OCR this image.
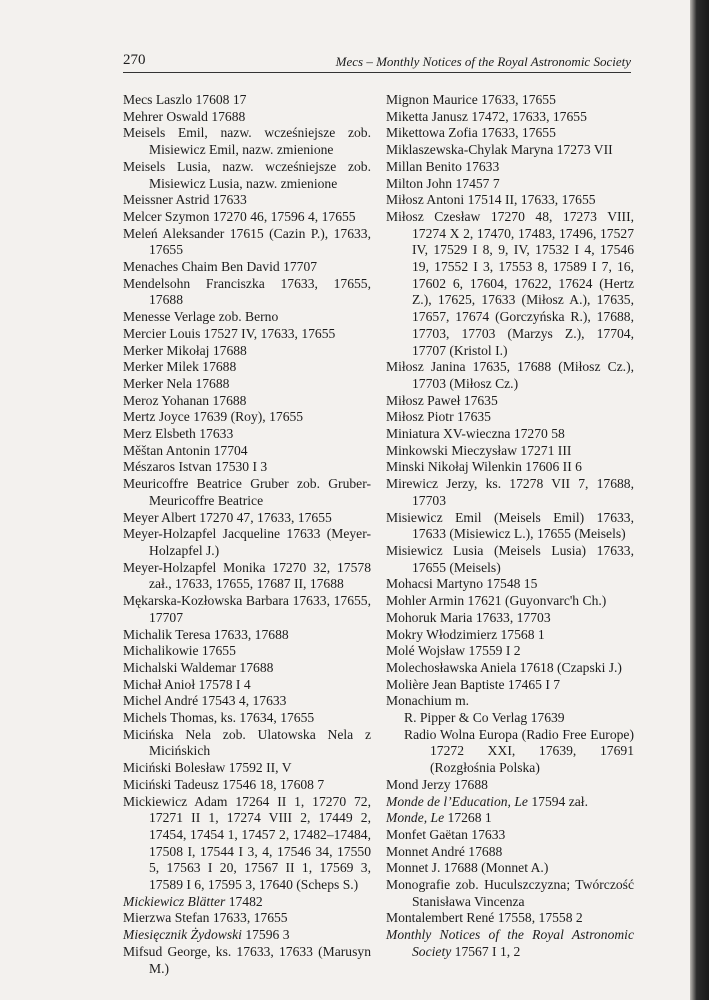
270	Mecs – Monthly Notices of the Royal Astronomic Society

Mecs Laszlo 17608 17

Mehrer Oswald 17688

Meisels Emil, nazw. wcześniejsze zob. Misiewicz Emil, nazw. zmienione

Meisels Lusia, nazw. wcześniejsze zob. Misiewicz Lusia, nazw. zmienione

Meissner Astrid 17633

Melcer Szymon 17270 46, 17596 4, 17655

Meleń Aleksander 17615 (Cazin P.), 17633, 17655

Menaches Chaim Ben David 17707

Mendelsohn Franciszka 17633, 17655, 17688

Menesse Verlage zob. Berno

Mercier Louis 17527 IV, 17633, 17655

Merker Mikołaj 17688

Merker Milek 17688

Merker Nela 17688

Meroz Yohanan 17688

Mertz Joyce 17639 (Roy), 17655

Merz Elsbeth 17633

Měštan Antonin 17704

Mészaros Istvan 17530 I 3

Meuricoffre Beatrice Gruber zob. Gruber-Meuricoffre Beatrice

Meyer Albert 17270 47, 17633, 17655

Meyer-Holzapfel Jacqueline 17633 (Meyer-Holzapfel J.)

Meyer-Holzapfel Monika 17270 32, 17578 zał., 17633, 17655, 17687 II, 17688

Mękarska-Kozłowska Barbara 17633, 17655, 17707

Michalik Teresa 17633, 17688

Michalikowie 17655

Michalski Waldemar 17688

Michał Anioł 17578 I 4

Michel André 17543 4, 17633

Michels Thomas, ks. 17634, 17655

Micińska Nela zob. Ulatowska Nela z Micińskich

Miciński Bolesław 17592 II, V

Miciński Tadeusz 17546 18, 17608 7

Mickiewicz Adam 17264 II 1, 17270 72, 17271 II 1, 17274 VIII 2, 17449 2, 17454, 17454 1, 17457 2, 17482–17484, 17508 I, 17544 I 3, 4, 17546 34, 17550 5, 17563 I 20, 17567 II 1, 17569 3, 17589 I 6, 17595 3, 17640 (Scheps S.)

Mickiewicz Blätter 17482

Mierzwa Stefan 17633, 17655

Miesięcznik Żydowski 17596 3

Mifsud George, ks. 17633, 17633 (Marusyn M.)

Mignon Maurice 17633, 17655

Miketta Janusz 17472, 17633, 17655

Mikettowa Zofia 17633, 17655

Miklaszewska-Chylak Maryna 17273 VII

Millan Benito 17633

Milton John 17457 7

Miłosz Antoni 17514 II, 17633, 17655

Miłosz Czesław 17270 48, 17273 VIII, 17274 X 2, 17470, 17483, 17496, 17527 IV, 17529 I 8, 9, IV, 17532 I 4, 17546 19, 17552 I 3, 17553 8, 17589 I 7, 16, 17602 6, 17604, 17622, 17624 (Hertz Z.), 17625, 17633 (Miłosz A.), 17635, 17657, 17674 (Gorczyńska R.), 17688, 17703, 17703 (Marzys Z.), 17704, 17707 (Kristol I.)

Miłosz Janina 17635, 17688 (Miłosz Cz.), 17703 (Miłosz Cz.)

Miłosz Paweł 17635

Miłosz Piotr 17635

Miniatura XV-wieczna 17270 58

Minkowski Mieczysław 17271 III

Minski Nikołaj Wilenkin 17606 II 6

Mirewicz Jerzy, ks. 17278 VII 7, 17688, 17703

Misiewicz Emil (Meisels Emil) 17633, 17633 (Misiewicz L.), 17655 (Meisels)

Misiewicz Lusia (Meisels Lusia) 17633, 17655 (Meisels)

Mohacsi Martyno 17548 15

Mohler Armin 17621 (Guyonvarc'h Ch.)

Mohoruk Maria 17633, 17703

Mokry Włodzimierz 17568 1

Molé Wojsław 17559 I 2

Molechosławska Aniela 17618 (Czapski J.)

Molière Jean Baptiste 17465 I 7

Monachium m.

R. Pipper & Co Verlag 17639

Radio Wolna Europa (Radio Free Europe) 17272 XXI, 17639, 17691 (Rozgłośnia Polska)

Mond Jerzy 17688

Monde de l’Education, Le 17594 zał.

Monde, Le 17268 1

Monfet Gaëtan 17633

Monnet André 17688

Monnet J. 17688 (Monnet A.)

Monografie zob. Huculszczyzna; Twórczość Stanisława Vincenza

Montalembert René 17558, 17558 2

Monthly Notices of the Royal Astronomic Society 17567 I 1, 2
